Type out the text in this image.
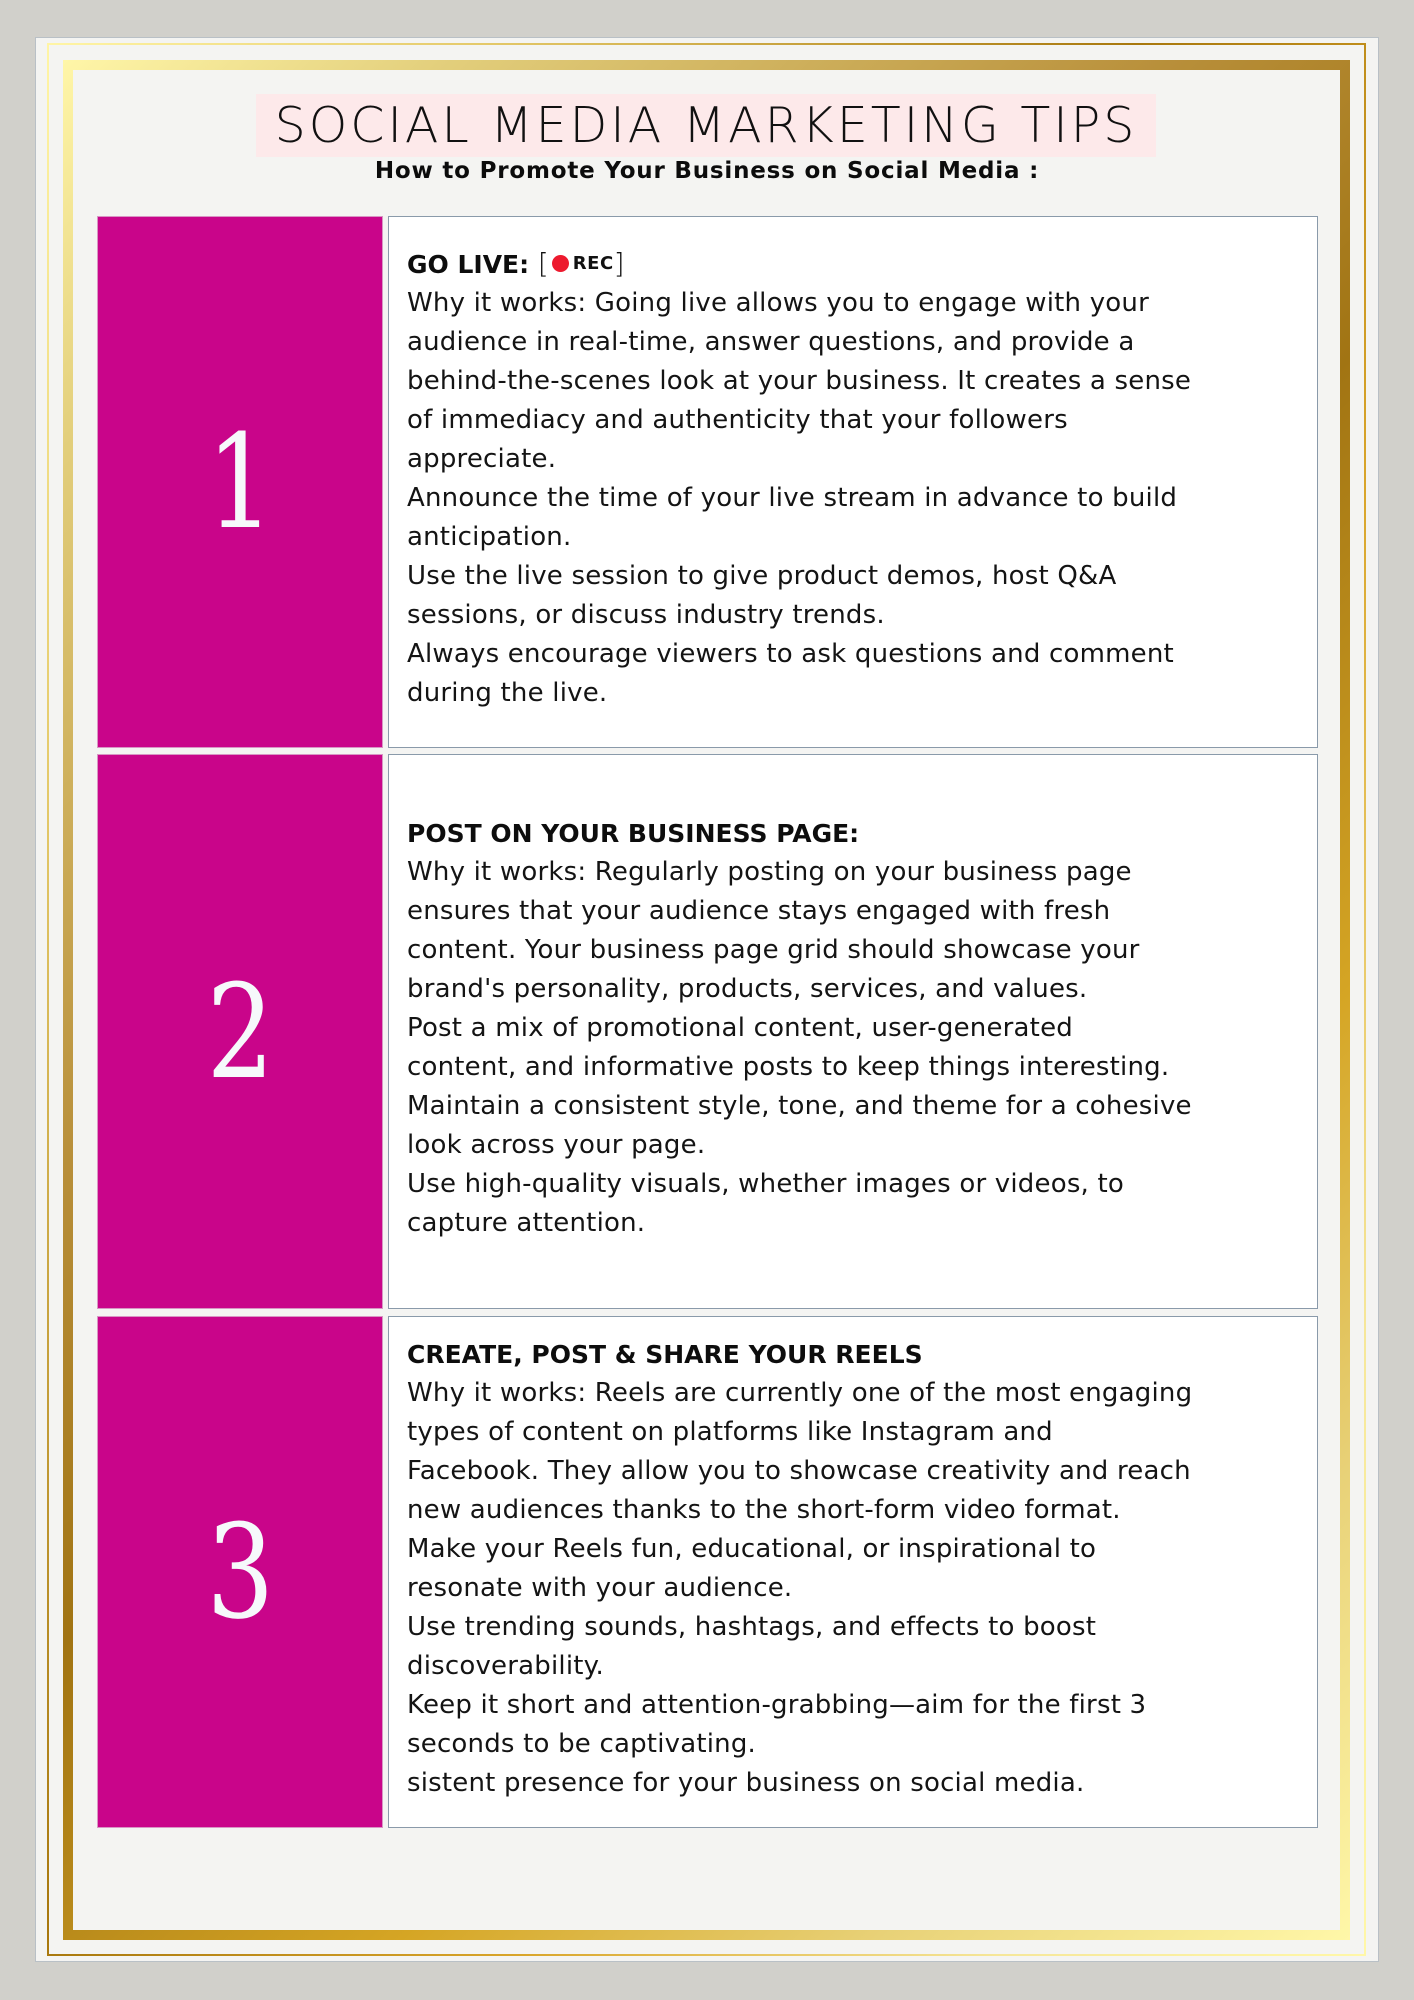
SOCIAL MEDIA MARKETING TIPS
How to Promote Your Business on Social Media :
1
GO LIVE: [ REC ]
Why it works: Going live allows you to engage with your
audience in real-time, answer questions, and provide a
behind-the-scenes look at your business. It creates a sense
of immediacy and authenticity that your followers
appreciate.
Announce the time of your live stream in advance to build
anticipation.
Use the live session to give product demos, host Q&A
sessions, or discuss industry trends.
Always encourage viewers to ask questions and comment
during the live.
2
POST ON YOUR BUSINESS PAGE:
Why it works: Regularly posting on your business page
ensures that your audience stays engaged with fresh
content. Your business page grid should showcase your
brand's personality, products, services, and values.
Post a mix of promotional content, user-generated
content, and informative posts to keep things interesting.
Maintain a consistent style, tone, and theme for a cohesive
look across your page.
Use high-quality visuals, whether images or videos, to
capture attention.
3
CREATE, POST & SHARE YOUR REELS
Why it works: Reels are currently one of the most engaging
types of content on platforms like Instagram and
Facebook. They allow you to showcase creativity and reach
new audiences thanks to the short-form video format.
Make your Reels fun, educational, or inspirational to
resonate with your audience.
Use trending sounds, hashtags, and effects to boost
discoverability.
Keep it short and attention-grabbing—aim for the first 3
seconds to be captivating.
sistent presence for your business on social media.
